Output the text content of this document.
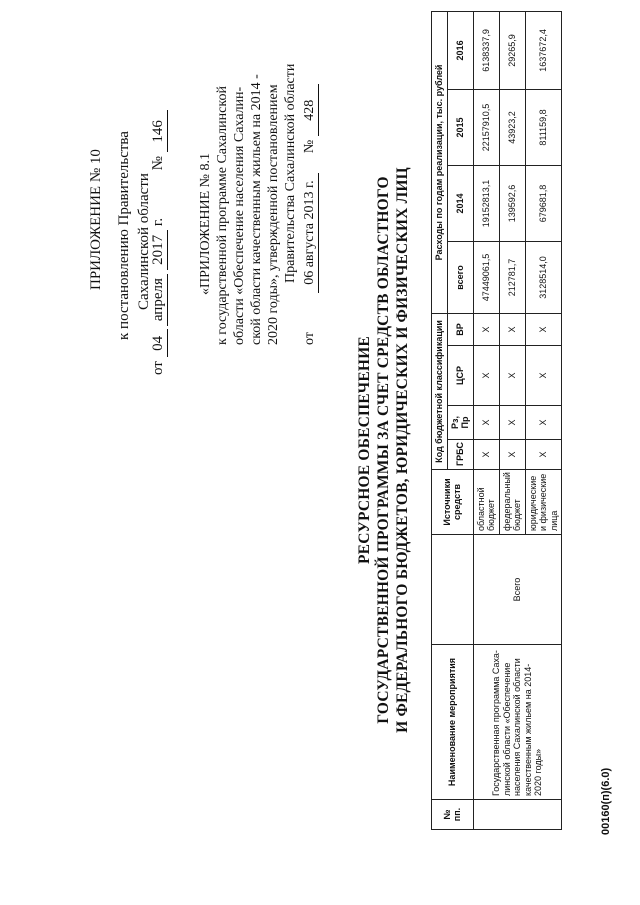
ПРИЛОЖЕНИЕ № 10 к постановлению Правительства Сахалинской области
от 04 апреля 2017 г.  № 146
«ПРИЛОЖЕНИЕ № 8.1 к государственной программе Сахалинской области «Обеспечение населения Сахалин- ской области качественным жильем на 2014 - 2020 годы», утвержденной постановлением Правительства Сахалинской области
от 06 августа 2013 г. № 428
РЕСУРСНОЕ ОБЕСПЕЧЕНИЕ ГОСУДАРСТВЕННОЙ ПРОГРАММЫ ЗА СЧЕТ СРЕДСТВ ОБЛАСТНОГО И ФЕДЕРАЛЬНОГО БЮДЖЕТОВ, ЮРИДИЧЕСКИХ И ФИЗИЧЕСКИХ ЛИЦ
№ пп.	Наименование мероприятия		Источники средств	Код бюджетной классификации				Расходы по годам реализации, тыс. рублей			
				ГРБС	Рз, Пр	ЦСР	ВР	всего	2014	2015	2016
	Государственная программа Саха-линской области «Обеспечение населения Сахалинской области качественным жильем на 2014-2020 годы»	Всего	областной бюджет	X	X	X	X	47449061,5	19152813,1	22157910,5	6138337,9
			федеральный бюджет	X	X	X	X	212781,7	139592,6	43923,2	29265,9
			юридические и физические лица	X	X	X	X	3128514,0	679681,8	811159,8	1637672,4
00160(п)(6.0)
